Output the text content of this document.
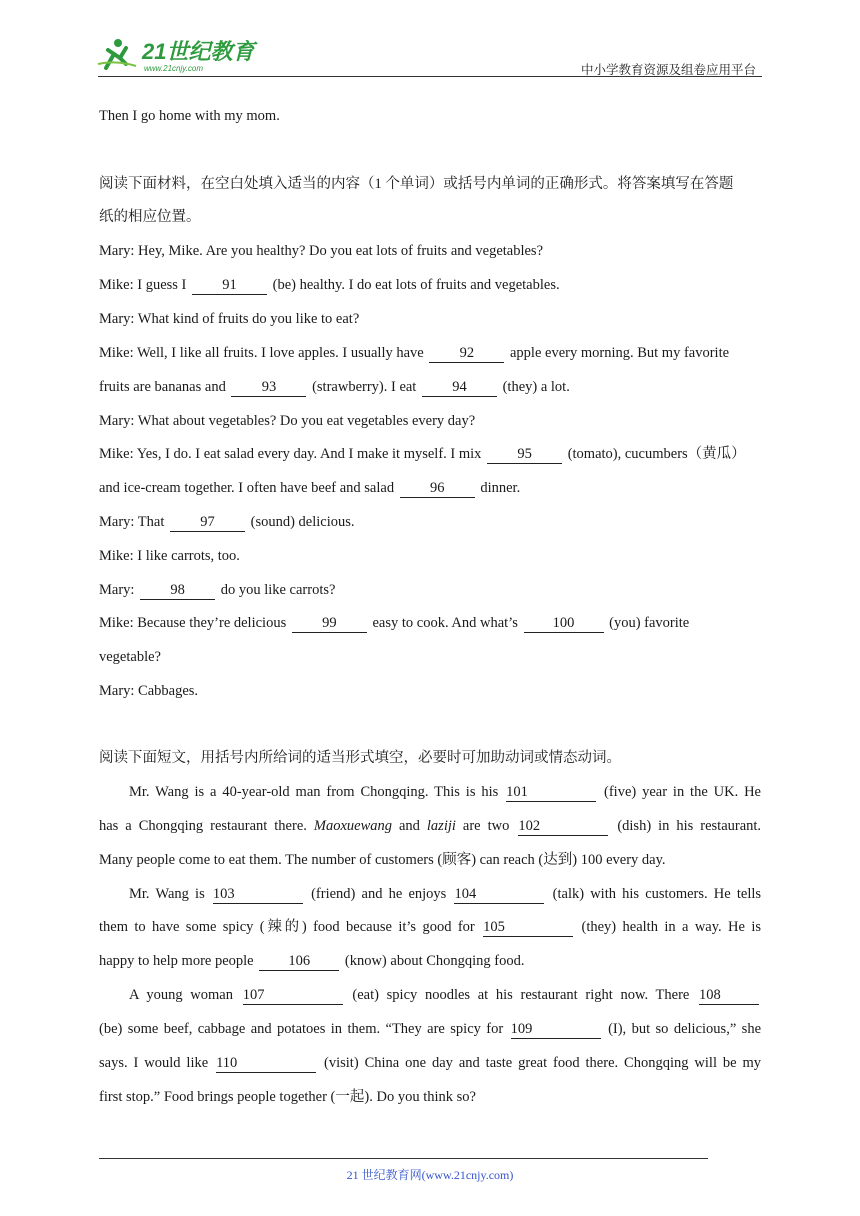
21世纪教育
www.21cnjy.com	中小学教育资源及组卷应用平台
Then I go home with my mom.
阅读下面材料，在空白处填入适当的内容（1 个单词）或括号内单词的正确形式。将答案填写在答题
纸的相应位置。
Mary: Hey, Mike. Are you healthy? Do you eat lots of fruits and vegetables?
Mike: I guess I 91 (be) healthy. I do eat lots of fruits and vegetables.
Mary: What kind of fruits do you like to eat?
Mike: Well, I like all fruits. I love apples. I usually have 92 apple every morning. But my favorite
fruits are bananas and 93 (strawberry). I eat 94 (they) a lot.
Mary: What about vegetables? Do you eat vegetables every day?
Mike: Yes, I do. I eat salad every day. And I make it myself. I mix 95 (tomato), cucumbers（黄瓜）
and ice-cream together. I often have beef and salad 96 dinner.
Mary: That 97 (sound) delicious.
Mike: I like carrots, too.
Mary: 98 do you like carrots?
Mike: Because they’re delicious 99 easy to cook. And what’s 100 (you) favorite
vegetable?
Mary: Cabbages.
阅读下面短文，用括号内所给词的适当形式填空，必要时可加助动词或情态动词。
Mr. Wang is a 40-year-old man from Chongqing. This is his 101	(five) year in the UK. He
has a Chongqing restaurant there. Maoxuewang and laziji are two 102	(dish) in his restaurant.
Many people come to eat them. The number of customers (顾客) can reach (达到) 100 every day.
Mr. Wang is 103	(friend) and he enjoys 104	(talk) with his customers. He tells
them to have some spicy (辣的) food because it’s good for 105	(they) health in a way. He is
happy to help more people 106 (know) about Chongqing food.
A young woman 107	(eat) spicy noodles at his restaurant right now. There 108
(be) some beef, cabbage and potatoes in them. “They are spicy for 109	(I), but so delicious,” she
says. I would like 110	(visit) China one day and taste great food there. Chongqing will be my
first stop.” Food brings people together (一起). Do you think so?
21 世纪教育网(www.21cnjy.com)
